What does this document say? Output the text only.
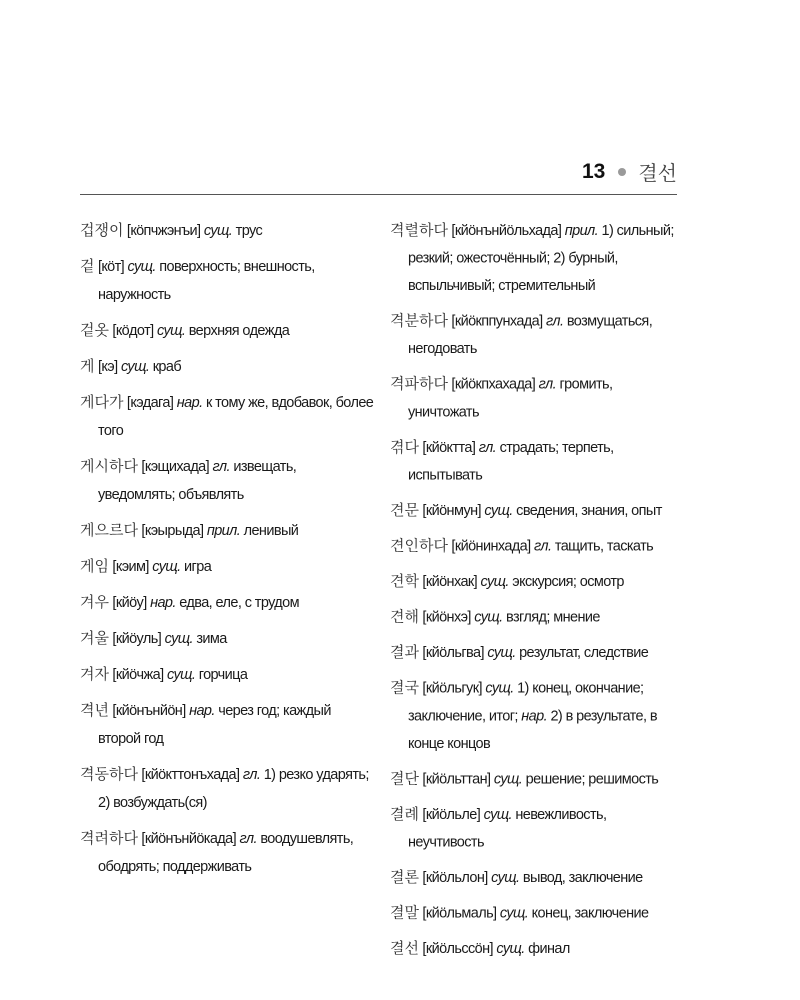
13 결선
겁쟁이 [кöпчжэнъи] сущ. трус
겉 [кöт] сущ. поверхность; внешность, наружность
겉옷 [кöдот] сущ. верхняя одежда
게 [кэ] сущ. краб
게다가 [кэдага] нар. к тому же, вдобавок, более того
게시하다 [кэщихада] гл. извещать, уведомлять; объявлять
게으르다 [кэырыда] прил. ленивый
게임 [кэим] сущ. игра
겨우 [кйöу] нар. едва, еле, с трудом
겨울 [кйöуль] сущ. зима
겨자 [кйöчжа] сущ. горчица
격년 [кйöнънйöн] нар. через год; каждый второй год
격동하다 [кйöкттонъхада] гл. 1) резко ударять; 2) возбуждать(ся)
격려하다 [кйöнънйöкада] гл. воодушевлять, ободрять; поддерживать
격렬하다 [кйöнънйöльхада] прил. 1) сильный; резкий; ожесточённый; 2) бурный, вспыльчивый; стремительный
격분하다 [кйöкппунхада] гл. возмущаться, негодовать
격파하다 [кйöкпхахада] гл. громить, уничтожать
겪다 [кйöктта] гл. страдать; терпеть, испытывать
견문 [кйöнмун] сущ. сведения, знания, опыт
견인하다 [кйöнинхада] гл. тащить, таскать
견학 [кйöнхак] сущ. экскурсия; осмотр
견해 [кйöнхэ] сущ. взгляд; мнение
결과 [кйöльгва] сущ. результат, следствие
결국 [кйöльгук] сущ. 1) конец, окончание; заключение, итог; нар. 2) в результате, в конце концов
결단 [кйöльттан] сущ. решение; решимость
결례 [кйöльле] сущ. невежливость, неучтивость
결론 [кйöльлон] сущ. вывод, заключение
결말 [кйöльмаль] сущ. конец, заключение
결선 [кйöльссöн] сущ. финал
